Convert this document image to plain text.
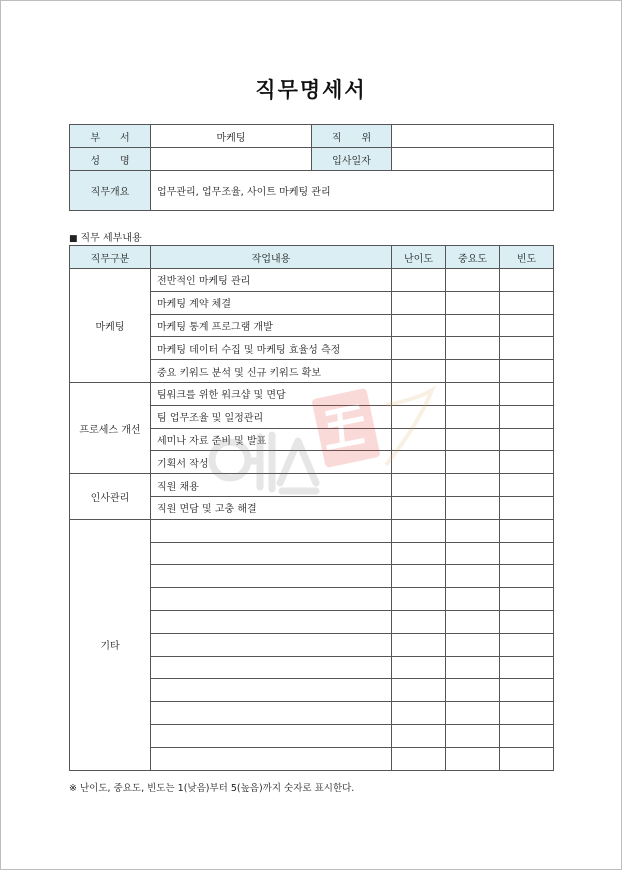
직무명세서
부　　서	마케팅	직　　위	
성　　명		입사일자	
직무개요	업무관리, 업무조율, 사이트 마케팅 관리		
■ 직무 세부내용
직무구분	작업내용	난이도	중요도	빈도
마케팅	전반적인 마케팅 관리			
	마케팅 계약 체결			
	마케팅 통계 프로그램 개발			
	마케팅 데이터 수집 및 마케팅 효율성 측정			
	중요 키워드 분석 및 신규 키워드 확보			
프로세스 개선	팀워크를 위한 워크샵 및 면담			
	팀 업무조율 및 일정관리			
	세미나 자료 준비 및 발표			
	기획서 작성			
인사관리	직원 채용			
	직원 면담 및 고충 해결			
기타				

※ 난이도, 중요도, 빈도는 1(낮음)부터 5(높음)까지 숫자로 표시한다.
